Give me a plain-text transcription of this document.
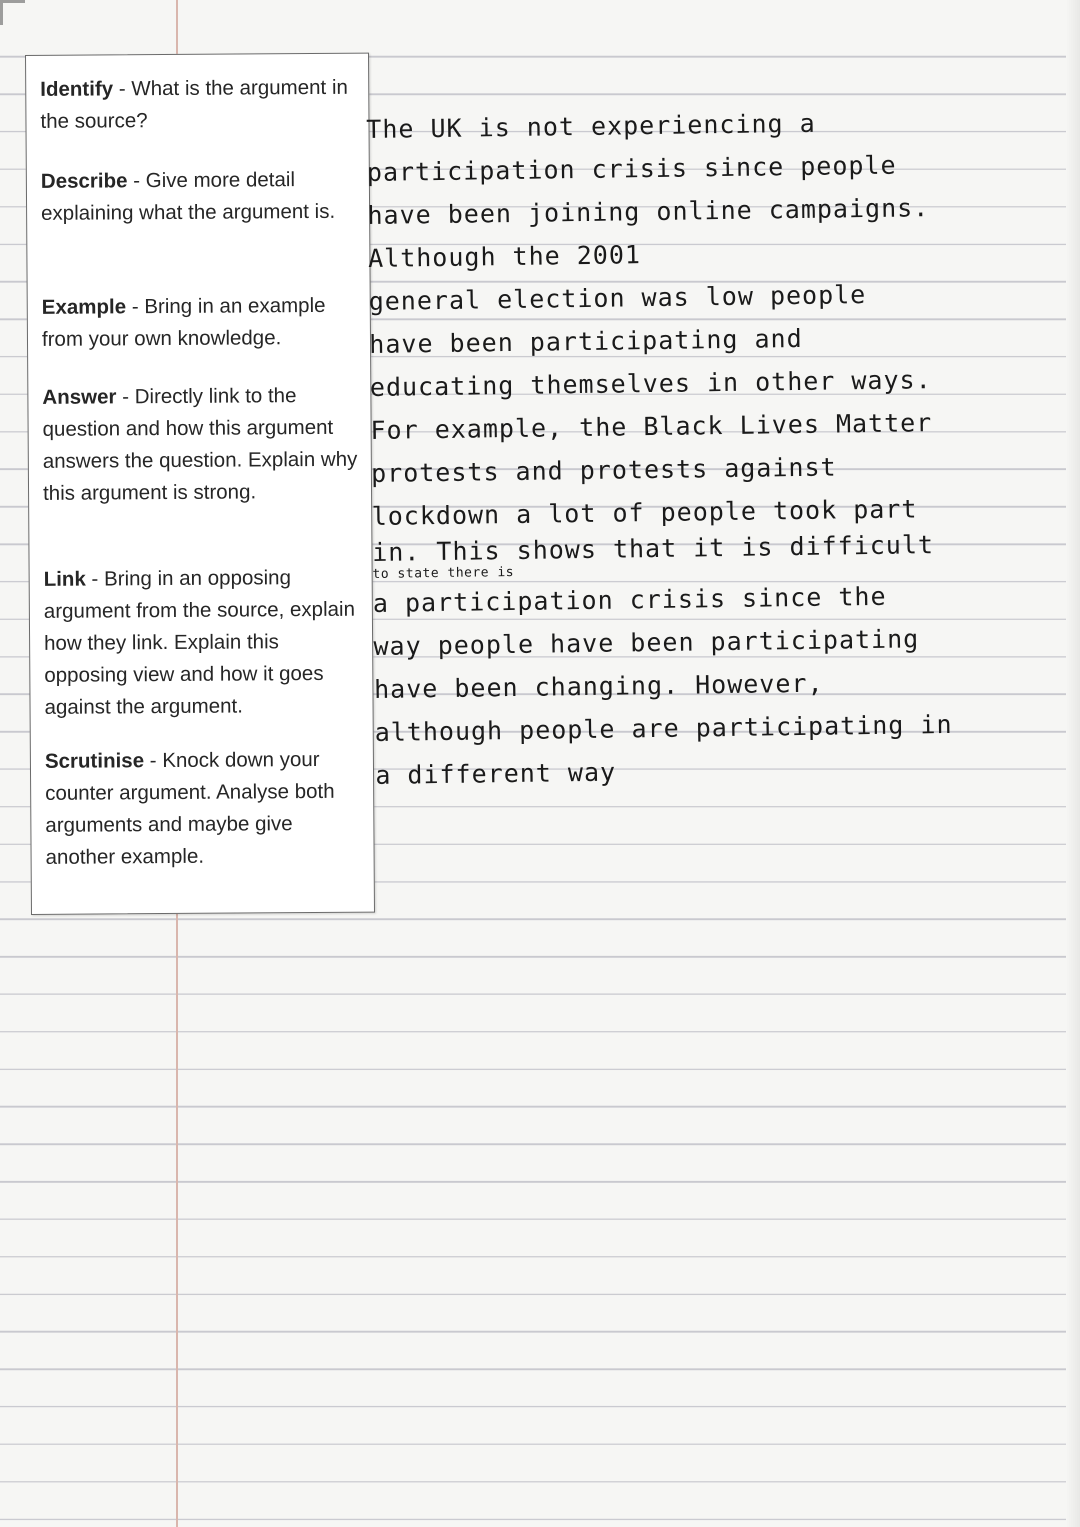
Identify - What is the argument in the source?
Describe - Give more detail explaining what the argument is.
Example - Bring in an example from your own knowledge.
Answer - Directly link to the question and how this argument answers the question. Explain why this argument is strong.
Link - Bring in an opposing argument from the source, explain how they link. Explain this opposing view and how it goes against the argument.
Scrutinise - Knock down your counter argument. Analyse both arguments and maybe give another example.
The UK is not experiencing a
participation crisis since people
have been joining online campaigns.
Although the 2001
general election was low people
have been participating and
educating themselves in other ways.
For example, the Black Lives Matter
protests and protests against
lockdown a lot of people took part
in. This shows that it is difficult
to state there is
a participation crisis since the
way people have been participating
have been changing. However,
although people are participating in
a different way
